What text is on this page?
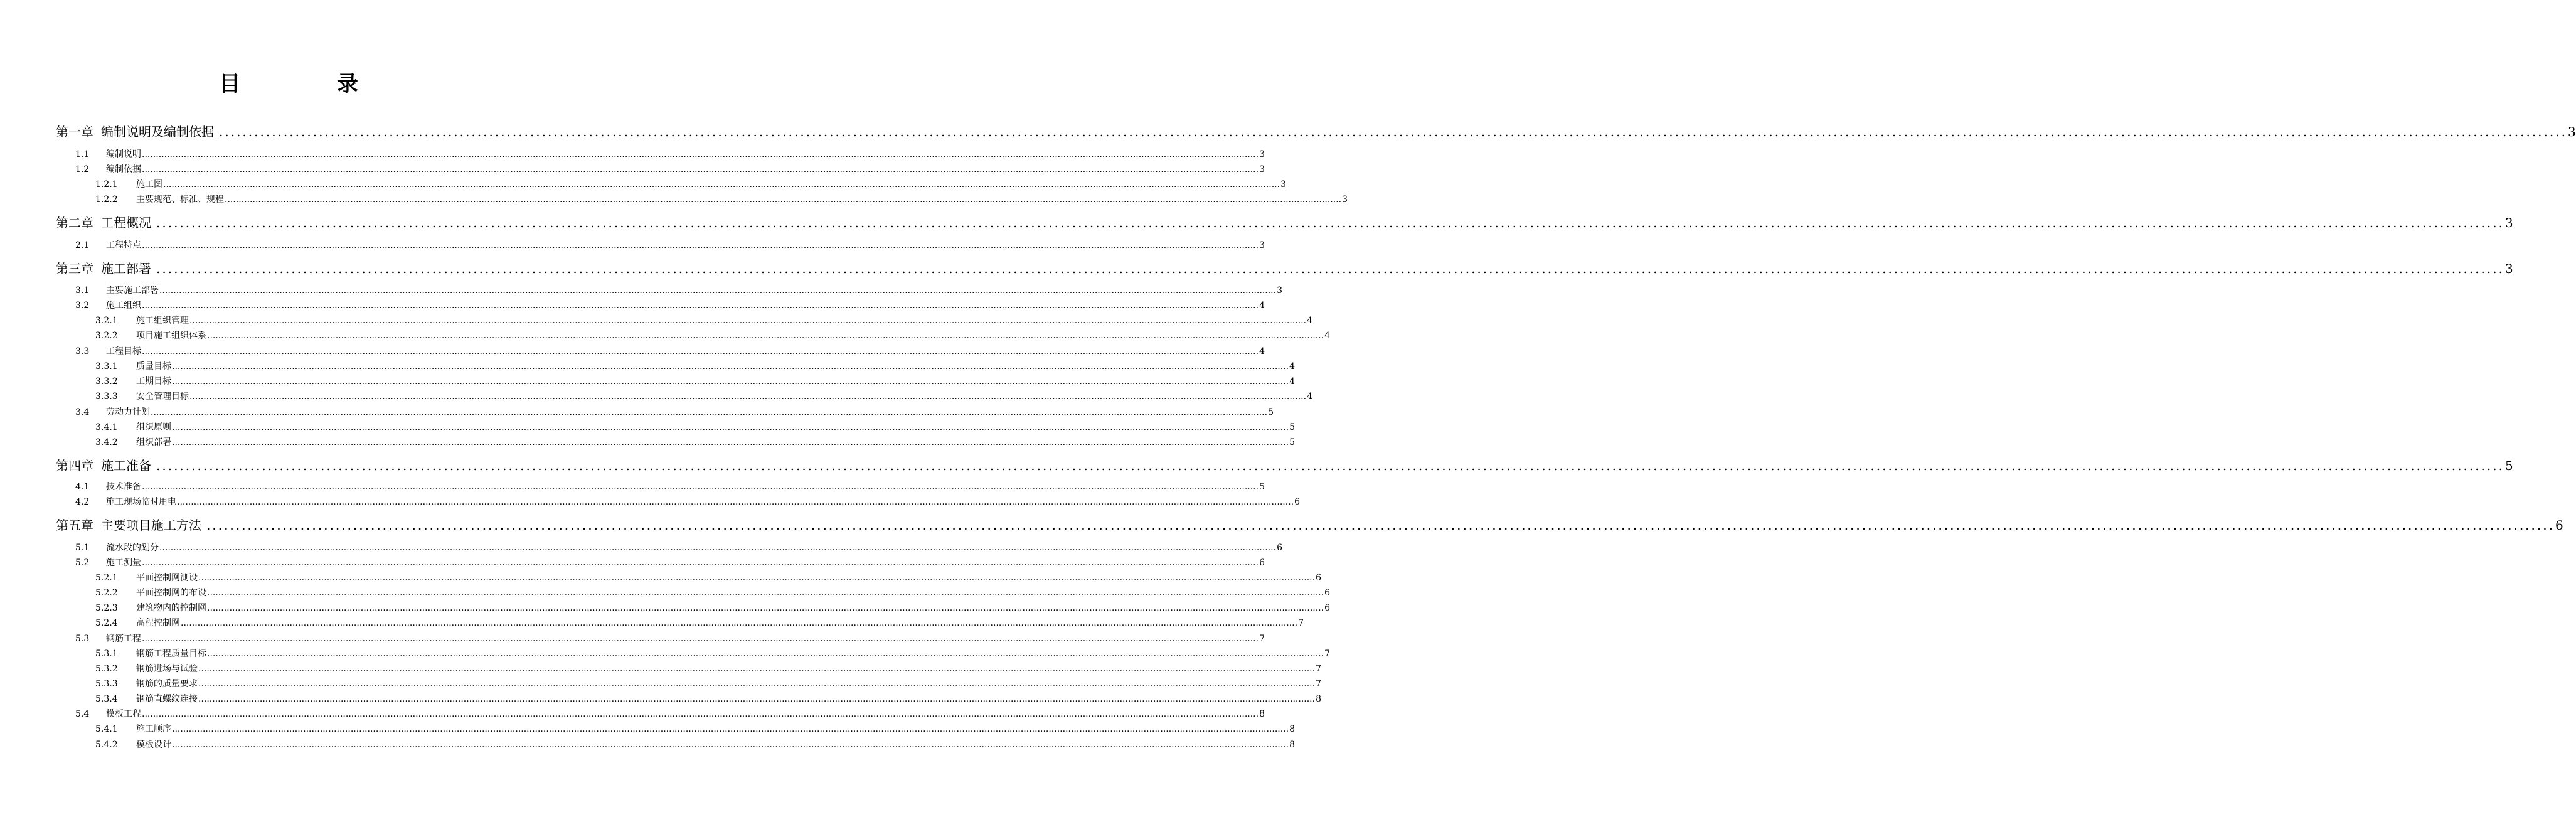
目　录
第一章 编制说明及编制依据 ................................................................................................................................................................................................................................................................................................................................................................................................................ 3
1.1	编制说明 ................................................................................................................................................................................................................................................................................................................................................................................................................ 3
1.2	编制依据 ................................................................................................................................................................................................................................................................................................................................................................................................................ 3
1.2.1	施工图 ................................................................................................................................................................................................................................................................................................................................................................................................................ 3
1.2.2	主要规范、标准、规程 ................................................................................................................................................................................................................................................................................................................................................................................................................ 3
第二章 工程概况 ................................................................................................................................................................................................................................................................................................................................................................................................................ 3
2.1	工程特点 ................................................................................................................................................................................................................................................................................................................................................................................................................ 3
第三章 施工部署 ................................................................................................................................................................................................................................................................................................................................................................................................................ 3
3.1	主要施工部署 ................................................................................................................................................................................................................................................................................................................................................................................................................ 3
3.2	施工组织 ................................................................................................................................................................................................................................................................................................................................................................................................................ 4
3.2.1	施工组织管理 ................................................................................................................................................................................................................................................................................................................................................................................................................ 4
3.2.2	项目施工组织体系 ................................................................................................................................................................................................................................................................................................................................................................................................................ 4
3.3	工程目标 ................................................................................................................................................................................................................................................................................................................................................................................................................ 4
3.3.1	质量目标 ................................................................................................................................................................................................................................................................................................................................................................................................................ 4
3.3.2	工期目标 ................................................................................................................................................................................................................................................................................................................................................................................................................ 4
3.3.3	安全管理目标 ................................................................................................................................................................................................................................................................................................................................................................................................................ 4
3.4	劳动力计划 ................................................................................................................................................................................................................................................................................................................................................................................................................ 5
3.4.1	组织原则 ................................................................................................................................................................................................................................................................................................................................................................................................................ 5
3.4.2	组织部署 ................................................................................................................................................................................................................................................................................................................................................................................................................ 5
第四章 施工准备 ................................................................................................................................................................................................................................................................................................................................................................................................................ 5
4.1	技术准备 ................................................................................................................................................................................................................................................................................................................................................................................................................ 5
4.2	施工现场临时用电 ................................................................................................................................................................................................................................................................................................................................................................................................................ 6
第五章 主要项目施工方法 ................................................................................................................................................................................................................................................................................................................................................................................................................ 6
5.1	流水段的划分 ................................................................................................................................................................................................................................................................................................................................................................................................................ 6
5.2	施工测量 ................................................................................................................................................................................................................................................................................................................................................................................................................ 6
5.2.1	平面控制网测设 ................................................................................................................................................................................................................................................................................................................................................................................................................ 6
5.2.2	平面控制网的布设 ................................................................................................................................................................................................................................................................................................................................................................................................................ 6
5.2.3	建筑物内的控制网 ................................................................................................................................................................................................................................................................................................................................................................................................................ 6
5.2.4	高程控制网 ................................................................................................................................................................................................................................................................................................................................................................................................................ 7
5.3	钢筋工程 ................................................................................................................................................................................................................................................................................................................................................................................................................ 7
5.3.1	钢筋工程质量目标 ................................................................................................................................................................................................................................................................................................................................................................................................................ 7
5.3.2	钢筋进场与试验 ................................................................................................................................................................................................................................................................................................................................................................................................................ 7
5.3.3	钢筋的质量要求 ................................................................................................................................................................................................................................................................................................................................................................................................................ 7
5.3.4	钢筋直螺纹连接 ................................................................................................................................................................................................................................................................................................................................................................................................................ 8
5.4	模板工程 ................................................................................................................................................................................................................................................................................................................................................................................................................ 8
5.4.1	施工顺序 ................................................................................................................................................................................................................................................................................................................................................................................................................ 8
5.4.2	模板设计 ................................................................................................................................................................................................................................................................................................................................................................................................................ 8
